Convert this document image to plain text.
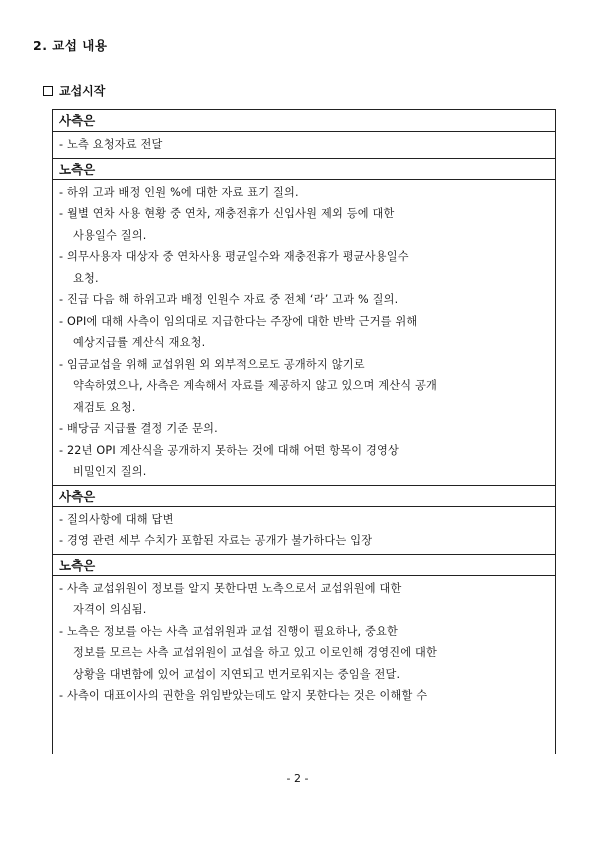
2. 교섭 내용
교섭시작
사측은
- 노측 요청자료 전달
노측은
- 하위 고과 배정 인원 %에 대한 자료 표기 질의.
- 월별 연차 사용 현황 중 연차, 재충전휴가 신입사원 제외 등에 대한
사용일수 질의.
- 의무사용자 대상자 중 연차사용 평균일수와 재충전휴가 평균사용일수
요청.
- 진급 다음 해 하위고과 배정 인원수 자료 중 전체 ‘라’ 고과 % 질의.
- OPI에 대해 사측이 임의대로 지급한다는 주장에 대한 반박 근거를 위해
예상지급률 계산식 재요청.
- 임금교섭을 위해 교섭위원 외 외부적으로도 공개하지 않기로
약속하였으나, 사측은 계속해서 자료를 제공하지 않고 있으며 계산식 공개
재검토 요청.
- 배당금 지급률 결정 기준 문의.
- 22년 OPI 계산식을 공개하지 못하는 것에 대해 어떤 항목이 경영상
비밀인지 질의.
사측은
- 질의사항에 대해 답변
- 경영 관련 세부 수치가 포함된 자료는 공개가 불가하다는 입장
노측은
- 사측 교섭위원이 정보를 알지 못한다면 노측으로서 교섭위원에 대한
자격이 의심됨.
- 노측은 정보를 아는 사측 교섭위원과 교섭 진행이 필요하나, 중요한
정보를 모르는 사측 교섭위원이 교섭을 하고 있고 이로인해 경영진에 대한
상황을 대변함에 있어 교섭이 지연되고 번거로워지는 중임을 전달.
- 사측이 대표이사의 권한을 위임받았는데도 알지 못한다는 것은 이해할 수
- 2 -
